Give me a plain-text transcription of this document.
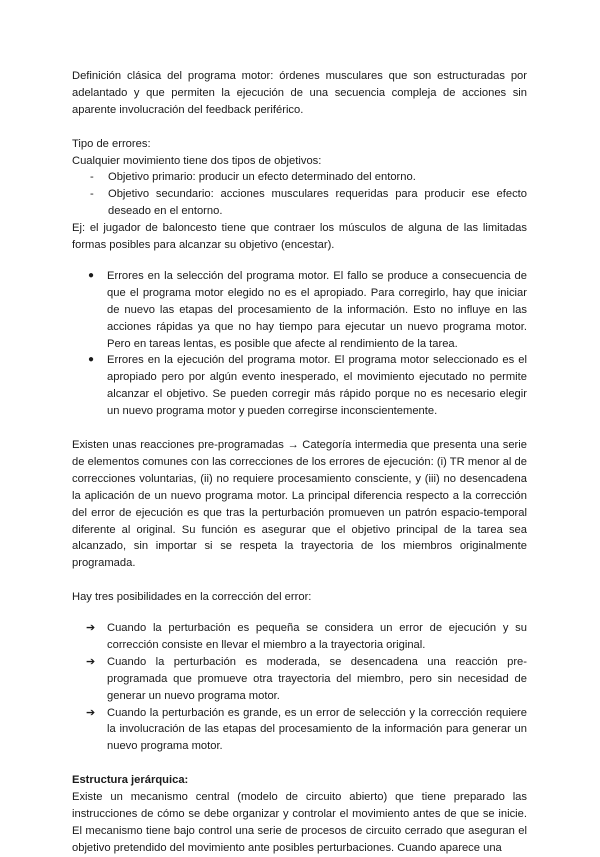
Definición clásica del programa motor: órdenes musculares que son estructuradas por adelantado y que permiten la ejecución de una secuencia compleja de acciones sin aparente involucración del feedback periférico.

Tipo de errores:

Cualquier movimiento tiene dos tipos de objetivos:

- Objetivo primario: producir un efecto determinado del entorno.
- Objetivo secundario: acciones musculares requeridas para producir ese efecto deseado en el entorno.

Ej: el jugador de baloncesto tiene que contraer los músculos de alguna de las limitadas formas posibles para alcanzar su objetivo (encestar).

● Errores en la selección del programa motor. El fallo se produce a consecuencia de que el programa motor elegido no es el apropiado. Para corregirlo, hay que iniciar de nuevo las etapas del procesamiento de la información. Esto no influye en las acciones rápidas ya que no hay tiempo para ejecutar un nuevo programa motor. Pero en tareas lentas, es posible que afecte al rendimiento de la tarea.
● Errores en la ejecución del programa motor. El programa motor seleccionado es el apropiado pero por algún evento inesperado, el movimiento ejecutado no permite alcanzar el objetivo. Se pueden corregir más rápido porque no es necesario elegir un nuevo programa motor y pueden corregirse inconscientemente.

Existen unas reacciones pre-programadas → Categoría intermedia que presenta una serie de elementos comunes con las correcciones de los errores de ejecución: (i) TR menor al de correcciones voluntarias, (ii) no requiere procesamiento consciente, y (iii) no desencadena la aplicación de un nuevo programa motor. La principal diferencia respecto a la corrección del error de ejecución es que tras la perturbación promueven un patrón espacio-temporal diferente al original. Su función es asegurar que el objetivo principal de la tarea sea alcanzado, sin importar si se respeta la trayectoria de los miembros originalmente programada.

Hay tres posibilidades en la corrección del error:

➔ Cuando la perturbación es pequeña se considera un error de ejecución y su corrección consiste en llevar el miembro a la trayectoria original.
➔ Cuando la perturbación es moderada, se desencadena una reacción pre-programada que promueve otra trayectoria del miembro, pero sin necesidad de generar un nuevo programa motor.
➔ Cuando la perturbación es grande, es un error de selección y la corrección requiere la involucración de las etapas del procesamiento de la información para generar un nuevo programa motor.

Estructura jerárquica:

Existe un mecanismo central (modelo de circuito abierto) que tiene preparado las instrucciones de cómo se debe organizar y controlar el movimiento antes de que se inicie. El mecanismo tiene bajo control una serie de procesos de circuito cerrado que aseguran el objetivo pretendido del movimiento ante posibles perturbaciones. Cuando aparece una
